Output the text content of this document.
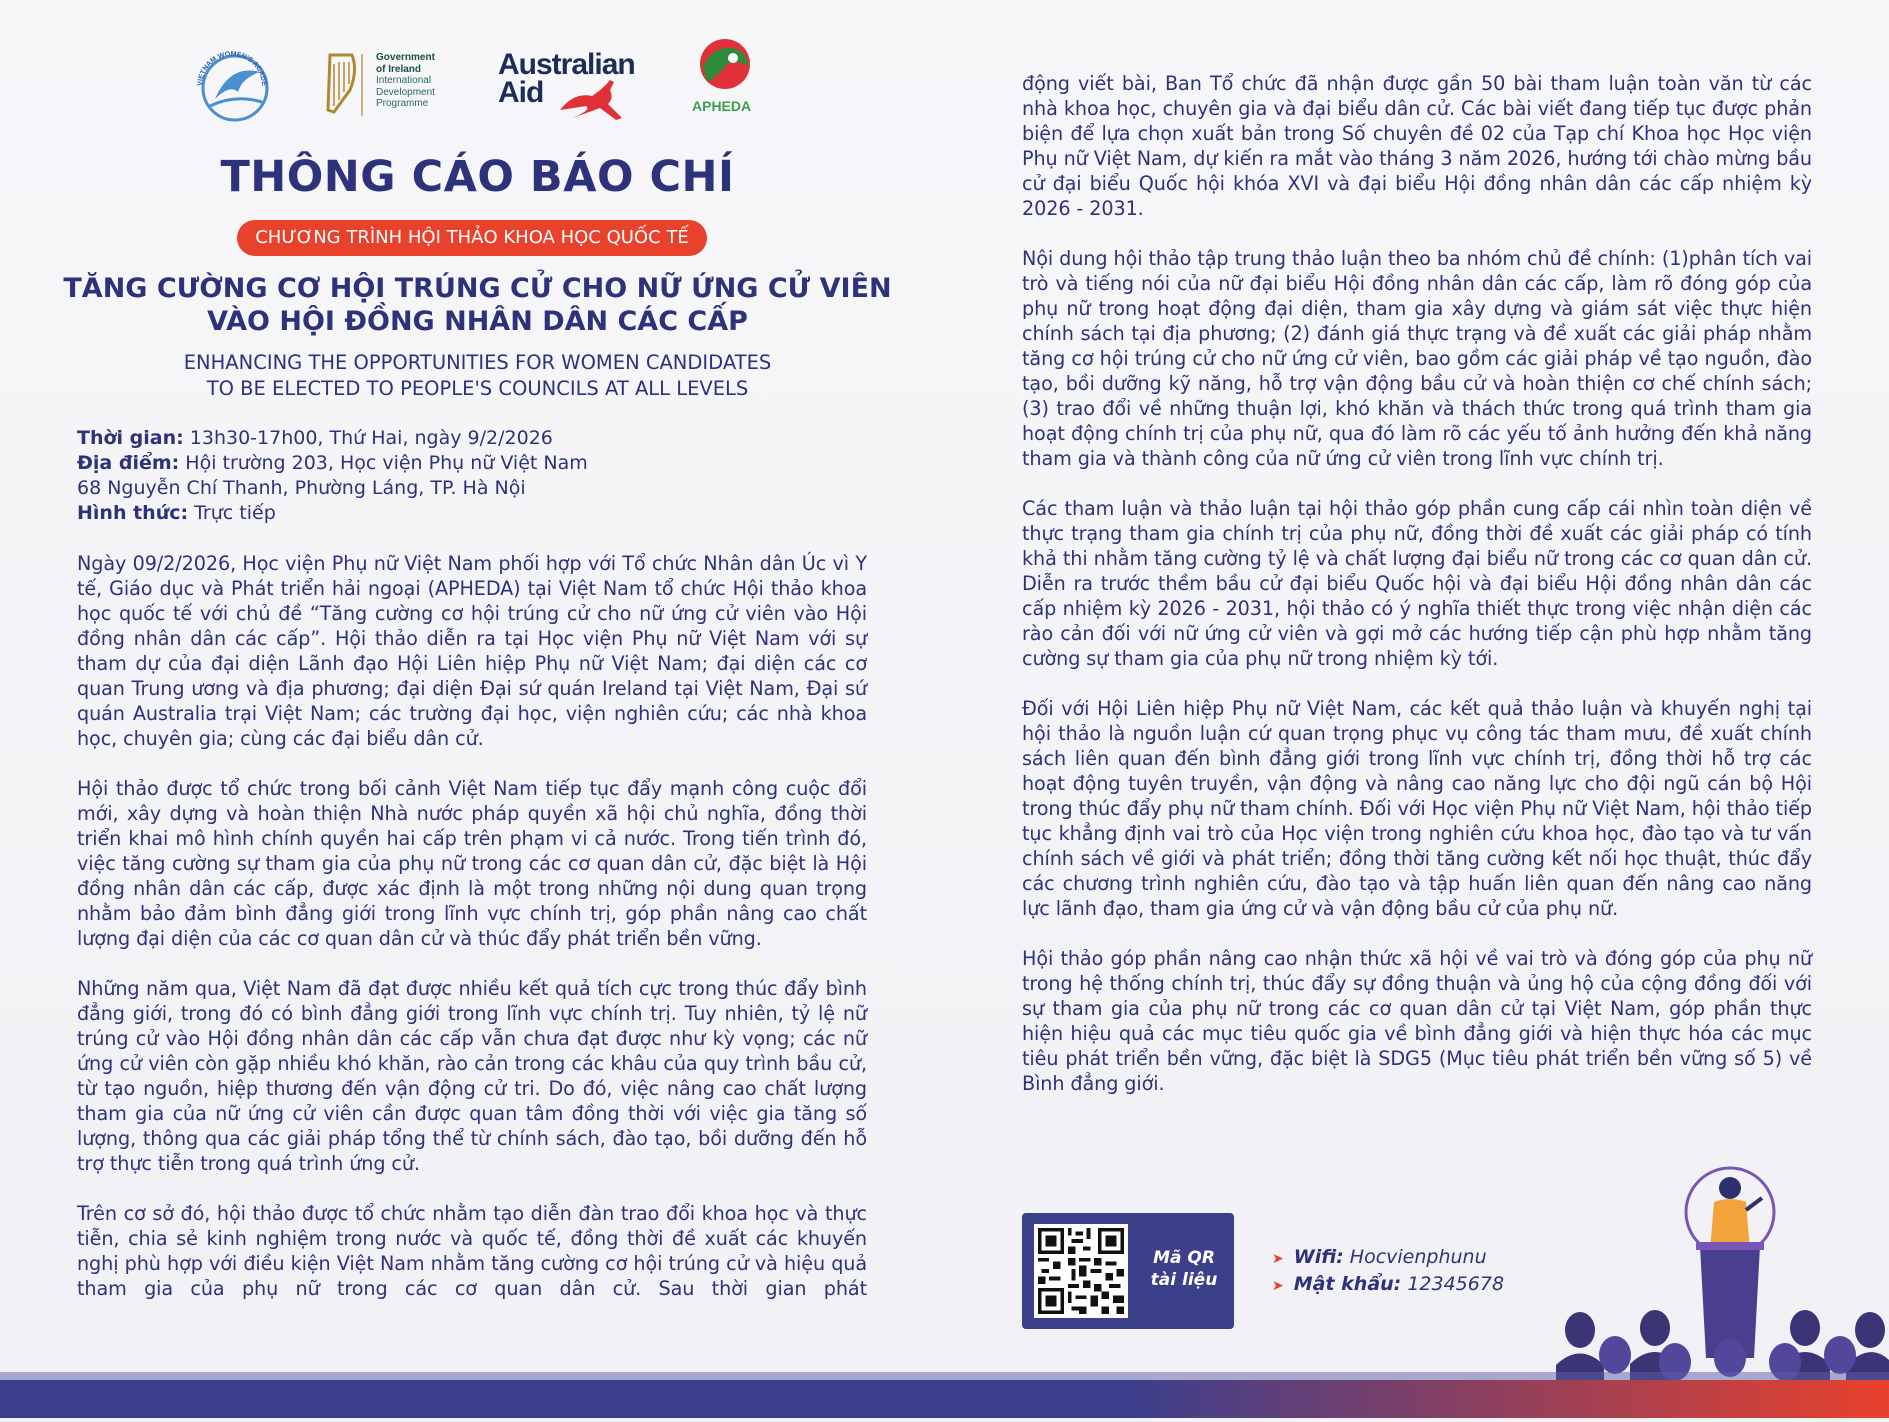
VIETNAM WOMEN'S ACADE
Government
of Ireland
International
Development
Programme
Australian
Aid	APHEDA
THÔNG CÁO BÁO CHÍ
CHƯƠNG TRÌNH HỘI THẢO KHOA HỌC QUỐC TẾ
TĂNG CƯỜNG CƠ HỘI TRÚNG CỬ CHO NỮ ỨNG CỬ VIÊN
VÀO HỘI ĐỒNG NHÂN DÂN CÁC CẤP
ENHANCING THE OPPORTUNITIES FOR WOMEN CANDIDATES
TO BE ELECTED TO PEOPLE'S COUNCILS AT ALL LEVELS
Thời gian: 13h30-17h00, Thứ Hai, ngày 9/2/2026
Địa điểm: Hội trường 203, Học viện Phụ nữ Việt Nam
68 Nguyễn Chí Thanh, Phường Láng, TP. Hà Nội
Hình thức: Trực tiếp

Ngày 09/2/2026, Học viện Phụ nữ Việt Nam phối hợp với Tổ chức Nhân dân Úc vì Y tế, Giáo dục và Phát triển hải ngoại (APHEDA) tại Việt Nam tổ chức Hội thảo khoa học quốc tế với chủ đề “Tăng cường cơ hội trúng cử cho nữ ứng cử viên vào Hội đồng nhân dân các cấp”. Hội thảo diễn ra tại Học viện Phụ nữ Việt Nam với sự tham dự của đại diện Lãnh đạo Hội Liên hiệp Phụ nữ Việt Nam; đại diện các cơ quan Trung ương và địa phương; đại diện Đại sứ quán Ireland tại Việt Nam, Đại sứ quán Australia trại Việt Nam; các trường đại học, viện nghiên cứu; các nhà khoa học, chuyên gia; cùng các đại biểu dân cử.

Hội thảo được tổ chức trong bối cảnh Việt Nam tiếp tục đẩy mạnh công cuộc đổi mới, xây dựng và hoàn thiện Nhà nước pháp quyền xã hội chủ nghĩa, đồng thời triển khai mô hình chính quyền hai cấp trên phạm vi cả nước. Trong tiến trình đó, việc tăng cường sự tham gia của phụ nữ trong các cơ quan dân cử, đặc biệt là Hội đồng nhân dân các cấp, được xác định là một trong những nội dung quan trọng nhằm bảo đảm bình đẳng giới trong lĩnh vực chính trị, góp phần nâng cao chất lượng đại diện của các cơ quan dân cử và thúc đẩy phát triển bền vững.

Những năm qua, Việt Nam đã đạt được nhiều kết quả tích cực trong thúc đẩy bình đẳng giới, trong đó có bình đẳng giới trong lĩnh vực chính trị. Tuy nhiên, tỷ lệ nữ trúng cử vào Hội đồng nhân dân các cấp vẫn chưa đạt được như kỳ vọng; các nữ ứng cử viên còn gặp nhiều khó khăn, rào cản trong các khâu của quy trình bầu cử, từ tạo nguồn, hiệp thương đến vận động cử tri. Do đó, việc nâng cao chất lượng tham gia của nữ ứng cử viên cần được quan tâm đồng thời với việc gia tăng số lượng, thông qua các giải pháp tổng thể từ chính sách, đào tạo, bồi dưỡng đến hỗ trợ thực tiễn trong quá trình ứng cử.

Trên cơ sở đó, hội thảo được tổ chức nhằm tạo diễn đàn trao đổi khoa học và thực tiễn, chia sẻ kinh nghiệm trong nước và quốc tế, đồng thời đề xuất các khuyến nghị phù hợp với điều kiện Việt Nam nhằm tăng cường cơ hội trúng cử và hiệu quả tham gia của phụ nữ trong các cơ quan dân cử. Sau thời gian phát

động viết bài, Ban Tổ chức đã nhận được gần 50 bài tham luận toàn văn từ các nhà khoa học, chuyên gia và đại biểu dân cử. Các bài viết đang tiếp tục được phản biện để lựa chọn xuất bản trong Số chuyên đề 02 của Tạp chí Khoa học Học viện Phụ nữ Việt Nam, dự kiến ra mắt vào tháng 3 năm 2026, hướng tới chào mừng bầu cử đại biểu Quốc hội khóa XVI và đại biểu Hội đồng nhân dân các cấp nhiệm kỳ 2026 - 2031.

Nội dung hội thảo tập trung thảo luận theo ba nhóm chủ đề chính: (1)phân tích vai trò và tiếng nói của nữ đại biểu Hội đồng nhân dân các cấp, làm rõ đóng góp của phụ nữ trong hoạt động đại diện, tham gia xây dựng và giám sát việc thực hiện chính sách tại địa phương; (2) đánh giá thực trạng và đề xuất các giải pháp nhằm tăng cơ hội trúng cử cho nữ ứng cử viên, bao gồm các giải pháp về tạo nguồn, đào tạo, bồi dưỡng kỹ năng, hỗ trợ vận động bầu cử và hoàn thiện cơ chế chính sách; (3) trao đổi về những thuận lợi, khó khăn và thách thức trong quá trình tham gia hoạt động chính trị của phụ nữ, qua đó làm rõ các yếu tố ảnh hưởng đến khả năng tham gia và thành công của nữ ứng cử viên trong lĩnh vực chính trị.

Các tham luận và thảo luận tại hội thảo góp phần cung cấp cái nhìn toàn diện về thực trạng tham gia chính trị của phụ nữ, đồng thời đề xuất các giải pháp có tính khả thi nhằm tăng cường tỷ lệ và chất lượng đại biểu nữ trong các cơ quan dân cử. Diễn ra trước thềm bầu cử đại biểu Quốc hội và đại biểu Hội đồng nhân dân các cấp nhiệm kỳ 2026 - 2031, hội thảo có ý nghĩa thiết thực trong việc nhận diện các rào cản đối với nữ ứng cử viên và gợi mở các hướng tiếp cận phù hợp nhằm tăng cường sự tham gia của phụ nữ trong nhiệm kỳ tới.

Đối với Hội Liên hiệp Phụ nữ Việt Nam, các kết quả thảo luận và khuyến nghị tại hội thảo là nguồn luận cứ quan trọng phục vụ công tác tham mưu, đề xuất chính sách liên quan đến bình đẳng giới trong lĩnh vực chính trị, đồng thời hỗ trợ các hoạt động tuyên truyền, vận động và nâng cao năng lực cho đội ngũ cán bộ Hội trong thúc đẩy phụ nữ tham chính. Đối với Học viện Phụ nữ Việt Nam, hội thảo tiếp tục khẳng định vai trò của Học viện trong nghiên cứu khoa học, đào tạo và tư vấn chính sách về giới và phát triển; đồng thời tăng cường kết nối học thuật, thúc đẩy các chương trình nghiên cứu, đào tạo và tập huấn liên quan đến nâng cao năng lực lãnh đạo, tham gia ứng cử và vận động bầu cử của phụ nữ.

Hội thảo góp phần nâng cao nhận thức xã hội về vai trò và đóng góp của phụ nữ trong hệ thống chính trị, thúc đẩy sự đồng thuận và ủng hộ của cộng đồng đối với sự tham gia của phụ nữ trong các cơ quan dân cử tại Việt Nam, góp phần thực hiện hiệu quả các mục tiêu quốc gia về bình đẳng giới và hiện thực hóa các mục tiêu phát triển bền vững, đặc biệt là SDG5 (Mục tiêu phát triển bền vững số 5) về Bình đẳng giới.

Mã QR
tài liệu
➤ Wifi: Hocvienphunu
➤ Mật khẩu: 12345678
